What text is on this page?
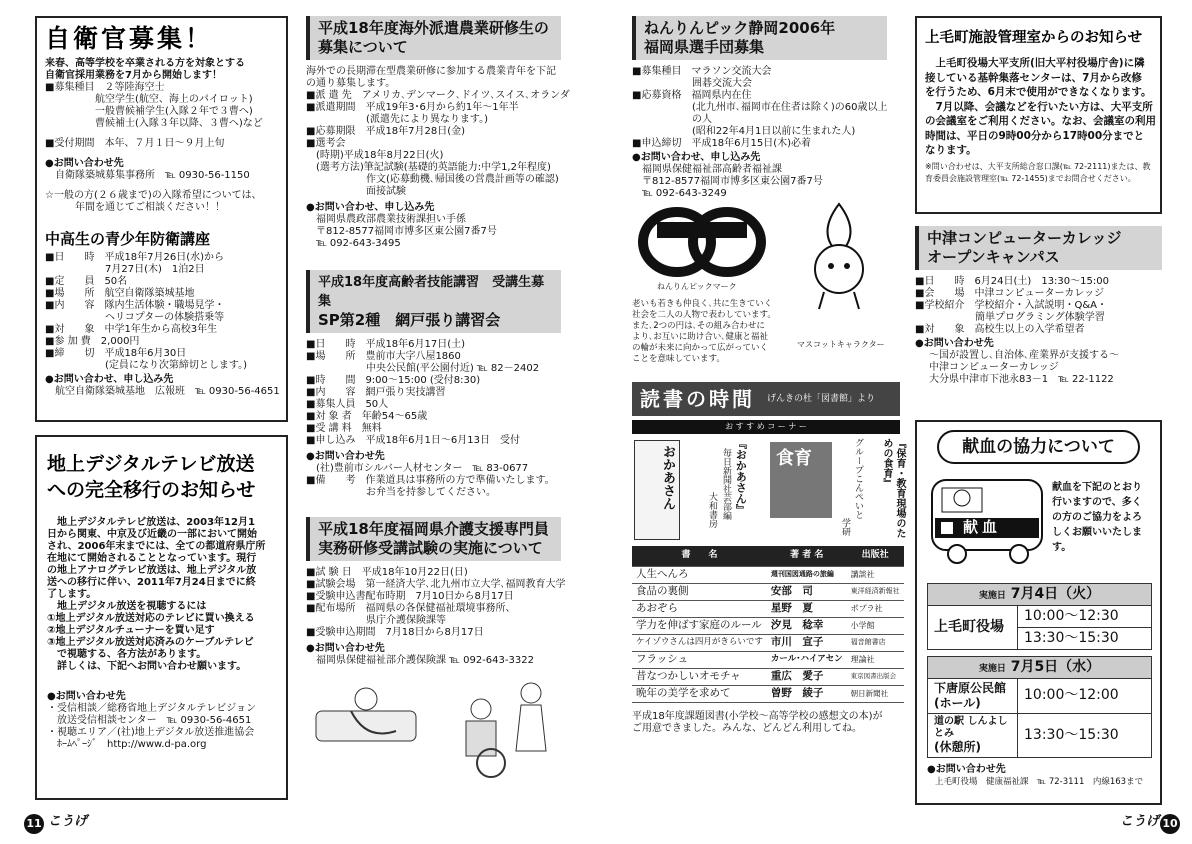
自衛官募集！
来春、高等学校を卒業される方を対象とする
自衛官採用業務を7月から開始します！
■募集種目　２等陸海空士
　　　　　航空学生(航空、海上のパイロット)
　　　　　一般曹候補学生(入隊２年で３曹へ)
　　　　　曹候補士(入隊３年以降、３曹へ)など
■受付期間　本年、７月１日～９月上旬
●お問い合わせ先
自衛隊築城募集事務所　℡ 0930-56-1150
☆一般の方(２６歳まで)の入隊希望については、
年間を通じてご相談ください！！
中高生の青少年防衛講座
■日　　時　平成18年7月26日(水)から
　　　　　　7月27日(木)　1泊2日
■定　　員　50名
■場　　所　航空自衛隊築城基地
■内　　容　隊内生活体験・職場見学・
　　　　　　ヘリコプターの体験搭乗等
■対　　象　中学1年生から高校3年生
■参 加 費　2,000円
■締　　切　平成18年6月30日
　　　　　　(定員になり次第締切とします。)
●お問い合わせ、申し込み先
航空自衛隊築城基地　広報班　℡ 0930-56-4651
地上デジタルテレビ放送
への完全移行のお知らせ
　地上デジタルテレビ放送は、2003年12月1
日から関東、中京及び近畿の一部において開始
され、2006年末までには、全ての都道府県庁所
在地にて開始されることとなっています。現行
の地上アナログテレビ放送は、地上デジタル放
送への移行に伴い、2011年7月24日までに終
了します。
　地上デジタル放送を視聴するには
①地上デジタル放送対応のテレビに買い換える
②地上デジタルチューナーを買い足す
③地上デジタル放送対応済みのケーブルテレビ
　で視聴する、各方法があります。
　詳しくは、下記へお問い合わせ願います。
●お問い合わせ先
・受信相談／総務省地上デジタルテレビジョン
　放送受信相談センター　℡ 0930-56-4651
・視聴エリア／(社)地上デジタル放送推進協会
　ﾎｰﾑﾍﾟｰｼﾞ　http://www.d-pa.org
平成18年度海外派遣農業研修生の
募集について
海外での長期滞在型農業研修に参加する農業青年を下記
の通り募集します。
■派 遣 先　アメリカ､デンマーク､ドイツ､スイス､オランダ
■派遣期間　平成19年3･6月から約1年～1年半
　　　　　　(派遣先により異なります。)
■応募期限　平成18年7月28日(金)
■選考会
　(時期)平成18年8月22日(火)
　(選考方法)筆記試験(基礎的英語能力:中学1,2年程度)
　　　　　　作文(応募動機､帰国後の営農計画等の確認)
　　　　　　面接試験
●お問い合わせ、申し込み先
福岡県農政部農業技術課担い手係
〒812-8577福岡市博多区東公園7番7号
℡ 092-643-3495
平成18年度高齢者技能講習　受講生募集
SP第2種　網戸張り講習会
■日　　時　平成18年6月17日(土)
■場　　所　豊前市大字八屋1860
　　　　　　中央公民館(平公園付近) ℡ 82－2402
■時　　間　9:00～15:00 (受付8:30)
■内　　容　網戸張り実技講習
■募集人員　50人
■対 象 者　年齢54～65歳
■受 講 料　無料
■申し込み　平成18年6月1日～6月13日　受付
●お問い合わせ先
(社)豊前市シルバー人材センター　℡ 83-0677
■備　　考　作業道具は事務所の方で準備いたします。
　　　　　　お弁当を持参してください。
平成18年度福岡県介護支援専門員
実務研修受講試験の実施について
■試 験 日　平成18年10月22日(日)
■試験会場　第一経済大学､北九州市立大学､福岡教育大学
■受験申込書配布時期　7月10日から8月17日
■配布場所　福岡県の各保健福祉環境事務所、
　　　　　　県庁介護保険課等
■受験申込期間　7月18日から8月17日
●お問い合わせ先
福岡県保健福祉部介護保険課 ℡ 092-643-3322
ねんりんピック静岡2006年
福岡県選手団募集
■募集種目　マラソン交流大会
　　　　　　囲碁交流大会
■応募資格　福岡県内在住
　　　　　　(北九州市､福岡市在住者は除く)の60歳以上
　　　　　　の人
　　　　　　(昭和22年4月1日以前に生まれた人)
■申込締切　平成18年6月15日(木)必着
●お問い合わせ、申し込み先
福岡県保健福祉部高齢者福祉課
〒812-8577福岡市博多区東公園7番7号
℡ 092-643-3249
ねんりんピックマーク
老いも若きも仲良く､共に生きていく
社会を二人の人物で表わしています。
また､2つの円は､その組み合わせに
より､お互いに助け合い､健康と福祉
の輪が未来に向かって広がっていく
ことを意味しています。
マスコットキャラクター
読書の時間 げんきの杜「図書館」より
お す す め コ ー ナ ー
おかあさん	『おかあさん』
毎日新聞社芸部編
大和書房
食育	『保育・教育現場のための食育』
グループこんぺいと
学研
書　　名	著 者 名	出版社
人生へんろ	週刊国図通路の旅編	講談社
食品の裏側	安部　司	東洋経済新報社
あおぞら	星野　夏	ポプラ社
学力を伸ばす家庭のルール	汐見　稔幸	小学館
ケイゾウさんは四月がきらいです	市川　宣子	福音館書店
フラッシュ	カール･ハイアセン	理論社
昔なつかしいオモチャ	重広　愛子	東京図書出版会
晩年の美学を求めて	曽野　綾子	朝日新聞社
平成18年度課題図書(小学校～高等学校の感想文の本)が
ご用意できました。みんな、どんどん利用してね。
上毛町施設管理室からのお知らせ
　上毛町役場大平支所(旧大平村役場庁舎)に隣
接している基幹集落センターは、7月から改修
を行うため、6月末で使用ができなくなります。
　7月以降、会議などを行いたい方は、大平支所
の会議室をご利用ください。なお、会議室の利用
時間は、平日の9時00分から17時00分までと
なります。
※問い合わせは、大平支所総合窓口課(℡ 72-2111)または、教
育委員会施設管理室(℡ 72-1455)までお問合せください。
中津コンピューターカレッジ
オープンキャンパス
■日　　時　6月24日(土)　13:30～15:00
■会　　場　中津コンピューターカレッジ
■学校紹介　学校紹介・入試説明・Q&A・
　　　　　　簡単プログラミング体験学習
■対　　象　高校生以上の入学希望者
●お問い合わせ先
～国が設置し､自治体､産業界が支援する～
中津コンピューターカレッジ
大分県中津市下池永83－1　℡ 22-1122
献血の協力について
献血
献血を下記のとおり
行いますので、多く
の方のご協力をよろ
しくお願いいたしま
す。
実施日 7月4日（火）
上毛町役場	10:00～12:30
13:30～15:30
実施日 7月5日（水）	

下唐原公民館
(ホール)	10:00～12:00

道の駅 しんよしとみ
(休憩所)	13:30～15:30
●お問い合わせ先
上毛町役場　健康福祉課　℡ 72-3111　内線163まで
11 こうげ	こうげ 10
